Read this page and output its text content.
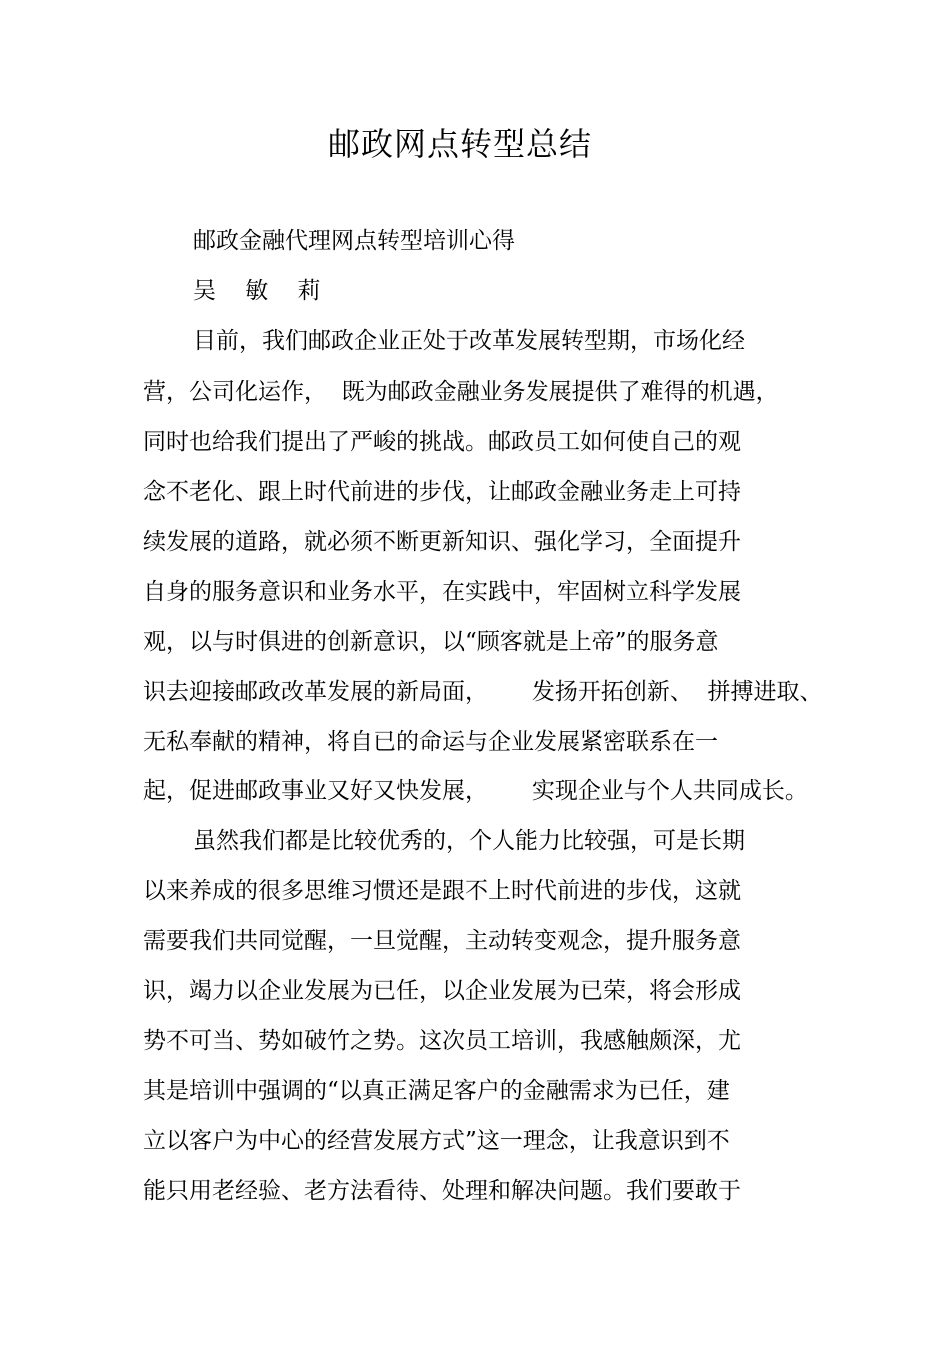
邮政网点转型总结
邮政金融代理网点转型培训心得
吴    敏    莉
目前，我们邮政企业正处于改革发展转型期，市场化经
营，公司化运作，  既为邮政金融业务发展提供了难得的机遇，
同时也给我们提出了严峻的挑战。邮政员工如何使自己的观
念不老化、跟上时代前进的步伐，让邮政金融业务走上可持
续发展的道路，就必须不断更新知识、强化学习，全面提升
自身的服务意识和业务水平，在实践中，牢固树立科学发展
观，以与时俱进的创新意识，以“顾客就是上帝”的服务意
识去迎接邮政改革发展的新局面，      发扬开拓创新、  拼搏进取、
无私奉献的精神，将自已的命运与企业发展紧密联系在一
起，促进邮政事业又好又快发展，      实现企业与个人共同成长。
虽然我们都是比较优秀的，个人能力比较强，可是长期
以来养成的很多思维习惯还是跟不上时代前进的步伐，这就
需要我们共同觉醒，一旦觉醒，主动转变观念，提升服务意
识，竭力以企业发展为已任，以企业发展为已荣，将会形成
势不可当、势如破竹之势。这次员工培训，我感触颇深，尤
其是培训中强调的“以真正满足客户的金融需求为已任，建
立以客户为中心的经营发展方式”这一理念，让我意识到不
能只用老经验、老方法看待、处理和解决问题。我们要敢于
